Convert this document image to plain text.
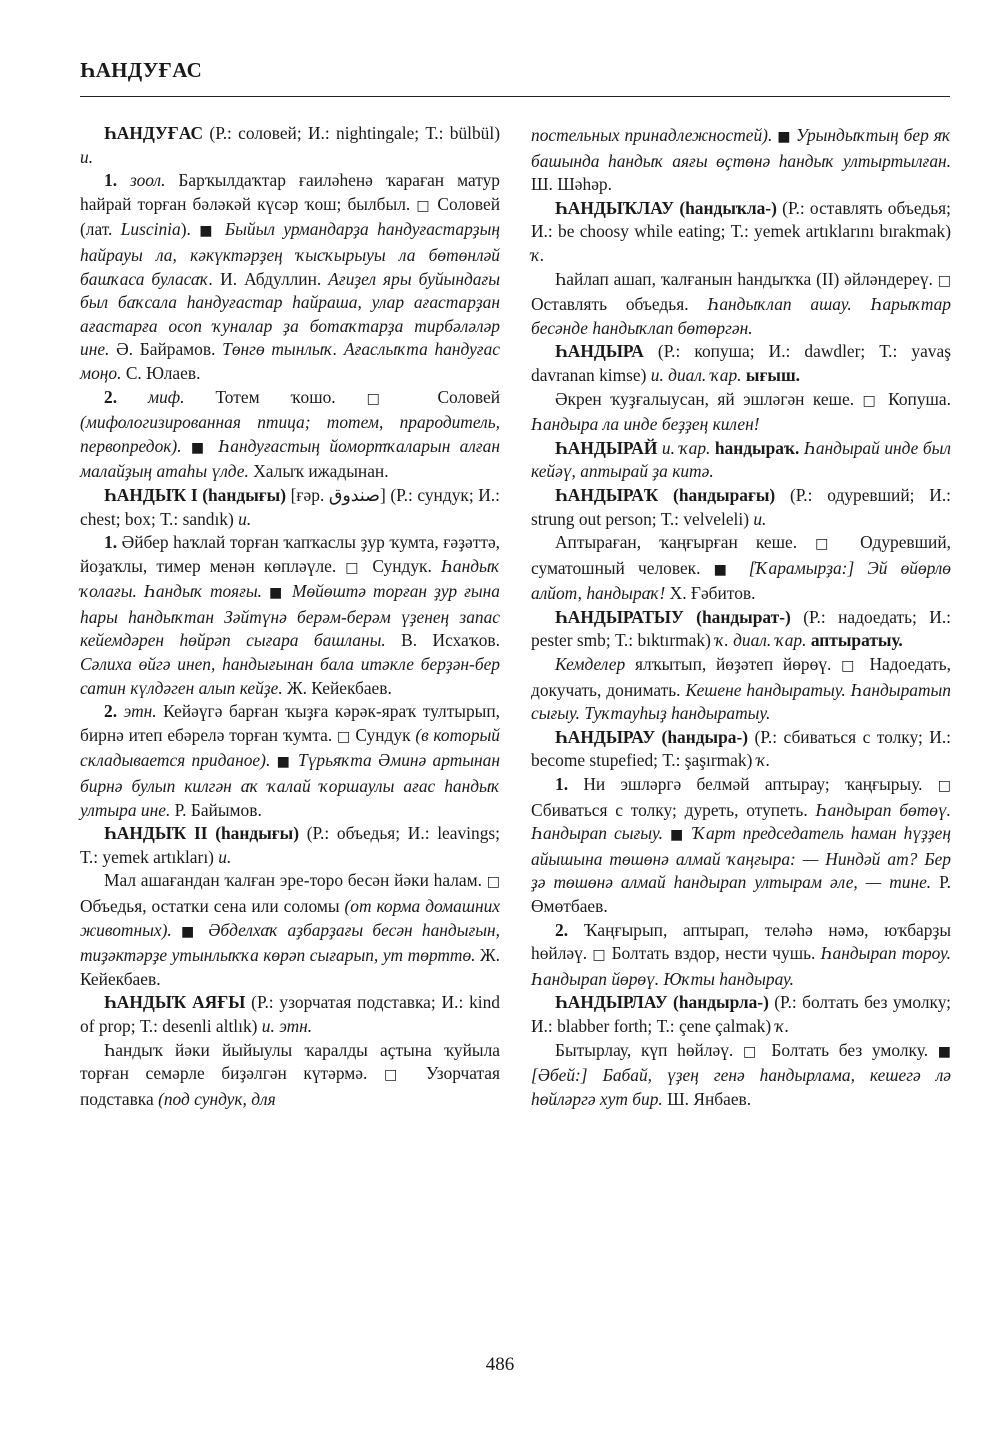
ҺАНДУҒАС

ҺАНДУҒАС (Р.: соловей; И.: nightingale; Т.: bülbül) и.

1. зоол. Барҡылдаҡтар ғаиләһенә ҡараған матур һайрай торған бәләкәй күсәр ҡош; былбыл. □ Соловей (лат. Luscinia). ■ Быйыл урмандарҙа һандуғастарҙың һайрауы ла, кәкүктәрҙең ҡысҡырыуы ла бөтөнләй башҡаса буласаҡ. И. Абдуллин. Ағиҙел яры буйындағы был баҡсала һандуғастар һайраша, улар ағастарҙан ағастарға осоп ҡуналар ҙа ботаҡтарҙа тирбәләләр ине. Ә. Байрамов. Төнгө тынлыҡ. Ағаслыҡта һандуғас моңо. С. Юлаев.

2. миф. Тотем ҡошо. □ Соловей (мифологизированная птица; тотем, прародитель, первопредок). ■ Һандуғастың йомортҡаларын алған малайҙың атаһы үлде. Халыҡ ижадынан.

ҺАНДЫҠ I (һандығы) [ғәр. صندوق] (Р.: сундук; И.: chest; box; Т.: sandık) и.

1. Әйбер һаҡлай торған ҡапҡаслы ҙур ҡумта, ғәҙәттә, йоҙаҡлы, тимер менән көпләүле. □ Сундук. Һандыҡ ҡолағы. Һандыҡ тояғы. ■ Мөйөштә торған ҙур ғына һары һандыҡтан Зәйтүнә берәм-берәм үҙенең запас кейемдәрен һөйрәп сығара башланы. В. Исхаҡов. Сәлиха өйгә инеп, һандығынан бала итәкле берҙән-бер сатин күлдәген алып кейҙе. Ж. Кейекбаев.

2. этн. Кейәүгә барған ҡыҙға кәрәк-яраҡ тултырып, бирнә итеп ебәрелә торған ҡумта. □ Сундук (в который складывается приданое). ■ Түрьяҡта Әминә артынан бирнә булып килгән аҡ ҡалай ҡоршаулы ағас һандыҡ ултыра ине. Р. Байымов.

ҺАНДЫҠ II (һандығы) (Р.: объедья; И.: leavings; Т.: yemek artıkları) и.

Мал ашағандан ҡалған эре-торо бесән йәки һалам. □ Объедья, остатки сена или соломы (от корма домашних животных). ■ Әбделхаҡ аҙбарҙағы бесән һандығын, тиҙәктәрҙе утынлыҡҡа көрәп сығарып, ут төрттө. Ж. Кейекбаев.

ҺАНДЫҠ АЯҒЫ (Р.: узорчатая подставка; И.: kind of prop; Т.: desenli altlık) и. этн.

Һандыҡ йәки йыйыулы ҡаралды аҫтына ҡуйыла торған семәрле биҙәлгән күтәрмә. □ Узорчатая подставка (под сундук, для

постельных принадлежностей). ■ Урындыҡтың бер яҡ башында һандыҡ аяғы өҫтөнә һандыҡ ултыртылған. Ш. Шәһәр.

ҺАНДЫҠЛАУ (һандыҡла-) (Р.: оставлять объедья; И.: be choosy while eating; Т.: yemek artıklarını bırakmak) ҡ.

Һайлап ашап, ҡалғанын һандыҡҡа (II) әйләндереү. □ Оставлять объедья. Һандыҡлап ашау. Һарыҡтар бесәнде һандыҡлап бөтөргән.

ҺАНДЫРА (Р.: копуша; И.: dawdler; Т.: yavaş davranan kimse) и. диал. ҡар. ығыш.

Әкрен ҡуҙғалыусан, яй эшләгән кеше. □ Копуша. Һандыра ла инде беҙҙең килен!

ҺАНДЫРАЙ и. ҡар. һандыраҡ. Һандырай инде был кейәү, аптырай ҙа китә.

ҺАНДЫРАҠ (һандырағы) (Р.: одуревший; И.: strung out person; Т.: velveleli) и.

Аптыраған, ҡаңғырған кеше. □ Одуревший, суматошный человек. ■ [Ҡарамырҙа:] Эй өйөрлө алйот, һандыраҡ! Х. Ғәбитов.

ҺАНДЫРАТЫУ (һандырат-) (Р.: надоедать; И.: pester smb; Т.: bıktırmak) ҡ. диал. ҡар. аптыратыу.

Кемделер ялҡытып, йөҙәтеп йөрөү. □ Надоедать, докучать, донимать. Кешене һандыратыу. Һандыратып сығыу. Туҡтауһыҙ һандыратыу.

ҺАНДЫРАУ (һандыра-) (Р.: сбиваться с толку; И.: become stupefied; Т.: şaşırmak) ҡ.

1. Ни эшләргә белмәй аптырау; ҡаңғырыу. □ Сбиваться с толку; дуреть, отупеть. Һандырап бөтөү. Һандырап сығыу. ■ Ҡарт председатель һаман һүҙҙең айышына төшөнә алмай ҡаңғыра: — Ниндәй ат? Бер ҙә төшөнә алмай һандырап ултырам әле, — тине. Р. Өмөтбаев.

2. Ҡаңғырып, аптырап, теләһә нәмә, юҡбарҙы һөйләү. □ Болтать вздор, нести чушь. Һандырап тороу. Һандырап йөрөү. Юҡты һандырау.

ҺАНДЫРЛАУ (һандырла-) (Р.: болтать без умолку; И.: blabber forth; Т.: çene çalmak) ҡ.

Бытырлау, күп һөйләү. □ Болтать без умолку. ■ [Әбей:] Бабай, үҙең генә һандырлама, кешегә лә һөйләргә хут бир. Ш. Янбаев.

486
